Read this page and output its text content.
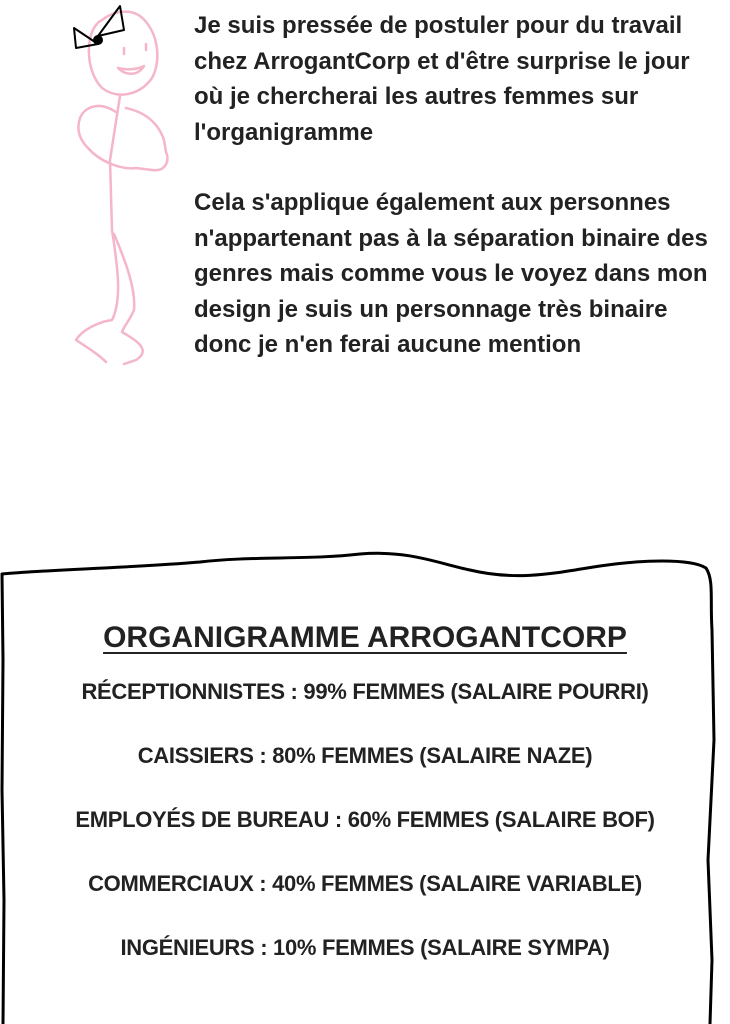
Je suis pressée de postuler pour du travail chez ArrogantCorp et d'être surprise le jour où je chercherai les autres femmes sur l'organigramme

Cela s'applique également aux personnes n'appartenant pas à la séparation binaire des genres mais comme vous le voyez dans mon design je suis un personnage très binaire donc je n'en ferai aucune mention

ORGANIGRAMME ARROGANTCORP
RÉCEPTIONNISTES : 99% FEMMES (SALAIRE POURRI)
CAISSIERS : 80% FEMMES (SALAIRE NAZE)
EMPLOYÉS DE BUREAU : 60% FEMMES (SALAIRE BOF)
COMMERCIAUX : 40% FEMMES (SALAIRE VARIABLE)
INGÉNIEURS : 10% FEMMES (SALAIRE SYMPA)
